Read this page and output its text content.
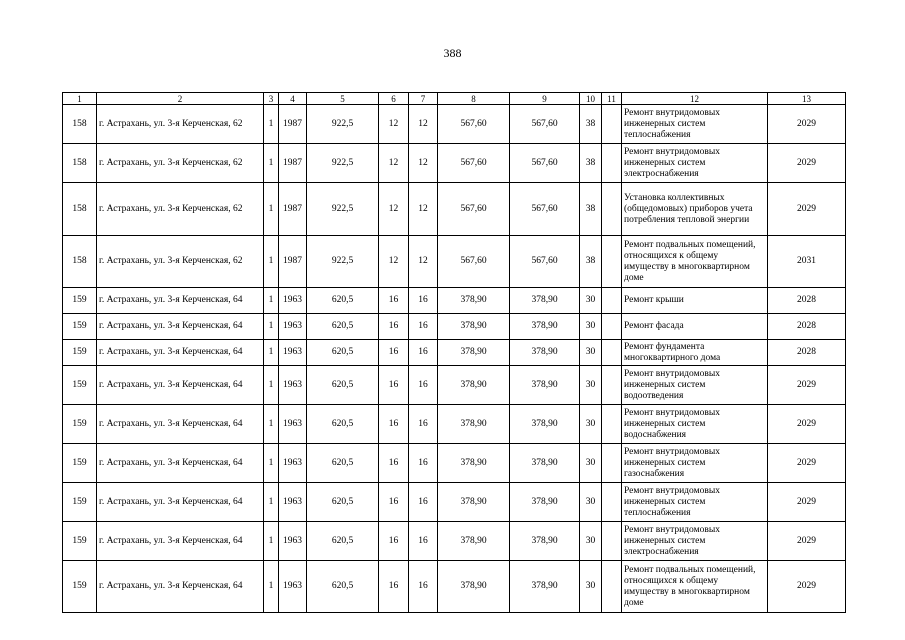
388
1	2	3	4	5	6	7	8	9	10	11	12	13
158	г. Астрахань, ул. 3-я Керченская, 62	1	1987	922,5	12	12	567,60	567,60	38		Ремонт внутридомовых инженерных систем теплоснабжения	2029
158	г. Астрахань, ул. 3-я Керченская, 62	1	1987	922,5	12	12	567,60	567,60	38		Ремонт внутридомовых инженерных систем электроснабжения	2029
158	г. Астрахань, ул. 3-я Керченская, 62	1	1987	922,5	12	12	567,60	567,60	38		Установка коллективных (общедомовых) приборов учета потребления тепловой энергии	2029
158	г. Астрахань, ул. 3-я Керченская, 62	1	1987	922,5	12	12	567,60	567,60	38		Ремонт подвальных помещений, относящихся к общему имуществу в многоквартирном доме	2031
159	г. Астрахань, ул. 3-я Керченская, 64	1	1963	620,5	16	16	378,90	378,90	30		Ремонт крыши	2028
159	г. Астрахань, ул. 3-я Керченская, 64	1	1963	620,5	16	16	378,90	378,90	30		Ремонт фасада	2028
159	г. Астрахань, ул. 3-я Керченская, 64	1	1963	620,5	16	16	378,90	378,90	30		Ремонт фундамента многоквартирного дома	2028
159	г. Астрахань, ул. 3-я Керченская, 64	1	1963	620,5	16	16	378,90	378,90	30		Ремонт внутридомовых инженерных систем водоотведения	2029
159	г. Астрахань, ул. 3-я Керченская, 64	1	1963	620,5	16	16	378,90	378,90	30		Ремонт внутридомовых инженерных систем водоснабжения	2029
159	г. Астрахань, ул. 3-я Керченская, 64	1	1963	620,5	16	16	378,90	378,90	30		Ремонт внутридомовых инженерных систем газоснабжения	2029
159	г. Астрахань, ул. 3-я Керченская, 64	1	1963	620,5	16	16	378,90	378,90	30		Ремонт внутридомовых инженерных систем теплоснабжения	2029
159	г. Астрахань, ул. 3-я Керченская, 64	1	1963	620,5	16	16	378,90	378,90	30		Ремонт внутридомовых инженерных систем электроснабжения	2029
159	г. Астрахань, ул. 3-я Керченская, 64	1	1963	620,5	16	16	378,90	378,90	30		Ремонт подвальных помещений, относящихся к общему имуществу в многоквартирном доме	2029
